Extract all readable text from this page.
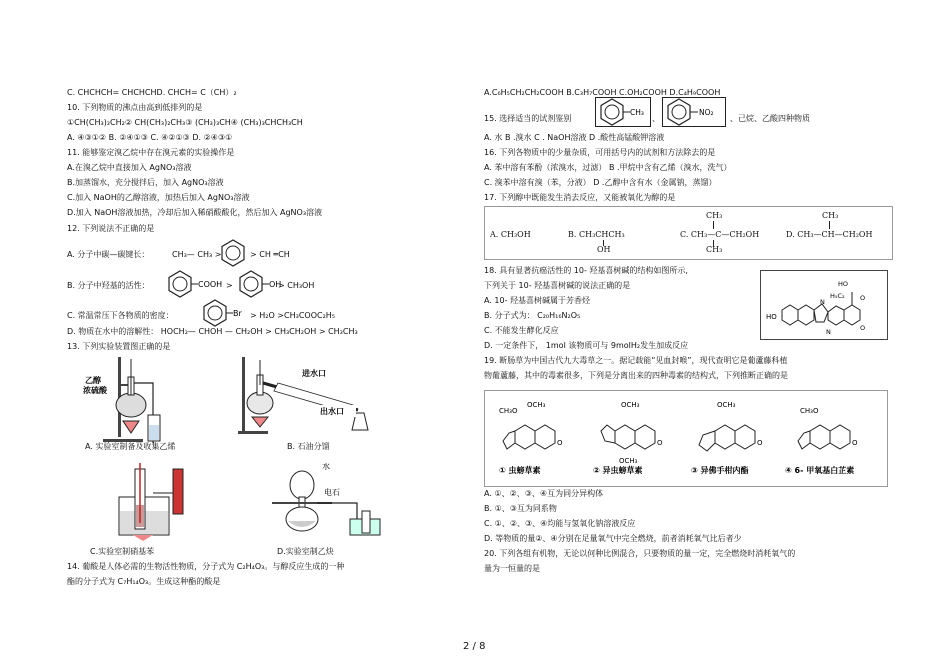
C. CHCHCH= CHCHCHD. CHCH= C（CH）₂
10. 下列物质的沸点由高到低排列的是
①CH(CH₃)₂CH₂② CH(CH₃)₂CH₃③ (CH₃)₃CH④ (CH₃)₃CHCH₃CH
A. ④③①② B. ②④①③ C. ④②①③ D. ②④③①
11. 能够鉴定溴乙烷中存在溴元素的实验操作是
A.在溴乙烷中直接加入 AgNO₃溶液
B.加蒸馏水，充分搅拌后，加入 AgNO₃溶液
C.加入 NaOH的乙醇溶液，加热后加入 AgNO₃溶液
D.加入 NaOH溶液加热，冷却后加入稀硝酸酸化，然后加入 AgNO₃溶液
12. 下列说法不正确的是
A. 分子中碳—碳键长：	CH₃— CH₃ >	> CH ═CH
B. 分子中羟基的活性：	COOH >	OH
> CH₃OH
C. 常温常压下各物质的密度：	Br > H₂O >CH₃COOC₂H₅
D. 物质在水中的溶解性： HOCH₂— CHOH — CH₂OH > CH₃CH₂OH > CH₃CH₃
13. 下列实验装置图正确的是
乙醇
浓硫酸
进水口
出水口
A. 实验室制备及收集乙烯	B. 石油分馏
水
电石
C.实验室制硝基苯	D.实验室制乙炔
14. 葡酸是人体必需的生物活性物质，分子式为 C₂H₄O₃。与醇反应生成的一种
酯的分子式为 C₇H₁₄O₃。生成这种酯的酸是
A.C₆H₅CH₂CH₂COOH B.C₃H₇COOH C.OH₂COOH D.C₄H₉COOH
15. 选择适当的试剂鉴别
CH₃
、
NO₂
、己烷、乙酸四种物质
A. 水 B .溴水 C . NaOH溶液 D .酸性高锰酸钾溶液
16. 下列各物质中的少量杂质，可用括号内的试剂和方法除去的是
A. 苯中溶有苯酚（浓溴水，过滤） B .甲烷中含有乙烯（溴水，洗气）
C. 溴苯中溶有溴（苯，分液） D .乙醇中含有水（金属钠，蒸馏）
17. 下列醇中既能发生消去反应，又能被氧化为醇的是
A. CH₃OH	B. CH₃CHCH₃
OH
C. CH₃—C—CH₂OH
CH₃
CH₃
D. CH₃—CH—CH₂OH
CH₃
18. 具有显著抗癌活性的 10- 羟基喜树碱的结构如图所示,
下列关于 10- 羟基喜树碱的说法正确的是
A. 10- 羟基喜树碱属于芳香烃
B. 分子式为： C₂₀H₁₆N₂O₅
C. 不能发生酵化反应
D. 一定条件下， 1mol 该物质可与 9molH₂发生加成反应
HO
HO
H₅C₂ O
O
N
N
19. 断肠草为中国古代九大毒草之一。据记载能“见血封喉”，现代查明它是葡蘆藤科植
物葡蘆藤，其中的毒素很多，下列是分离出来的四种毒素的结构式，下列推断正确的是
CH₃O
OCH₃
O
OCH₃
OCH₃
O
OCH₃
O
CH₃O
O
① 虫螃草素	② 异虫螃草素	③ 异佛手柑内酯	④ 6- 甲氧基白芷素
A. ①、②、③、④互为同分异构体
B. ①、③互为同系物
C. ①、②、③、④均能与氢氧化钠溶液反应
D. 等物质的量②、④分别在足量氧气中完全燃烧，前者消耗氧气比后者少
20. 下列各组有机物，无论以何种比例混合，只要物质的量一定，完全燃烧时消耗氧气的
量为一恒量的是
2 / 8
